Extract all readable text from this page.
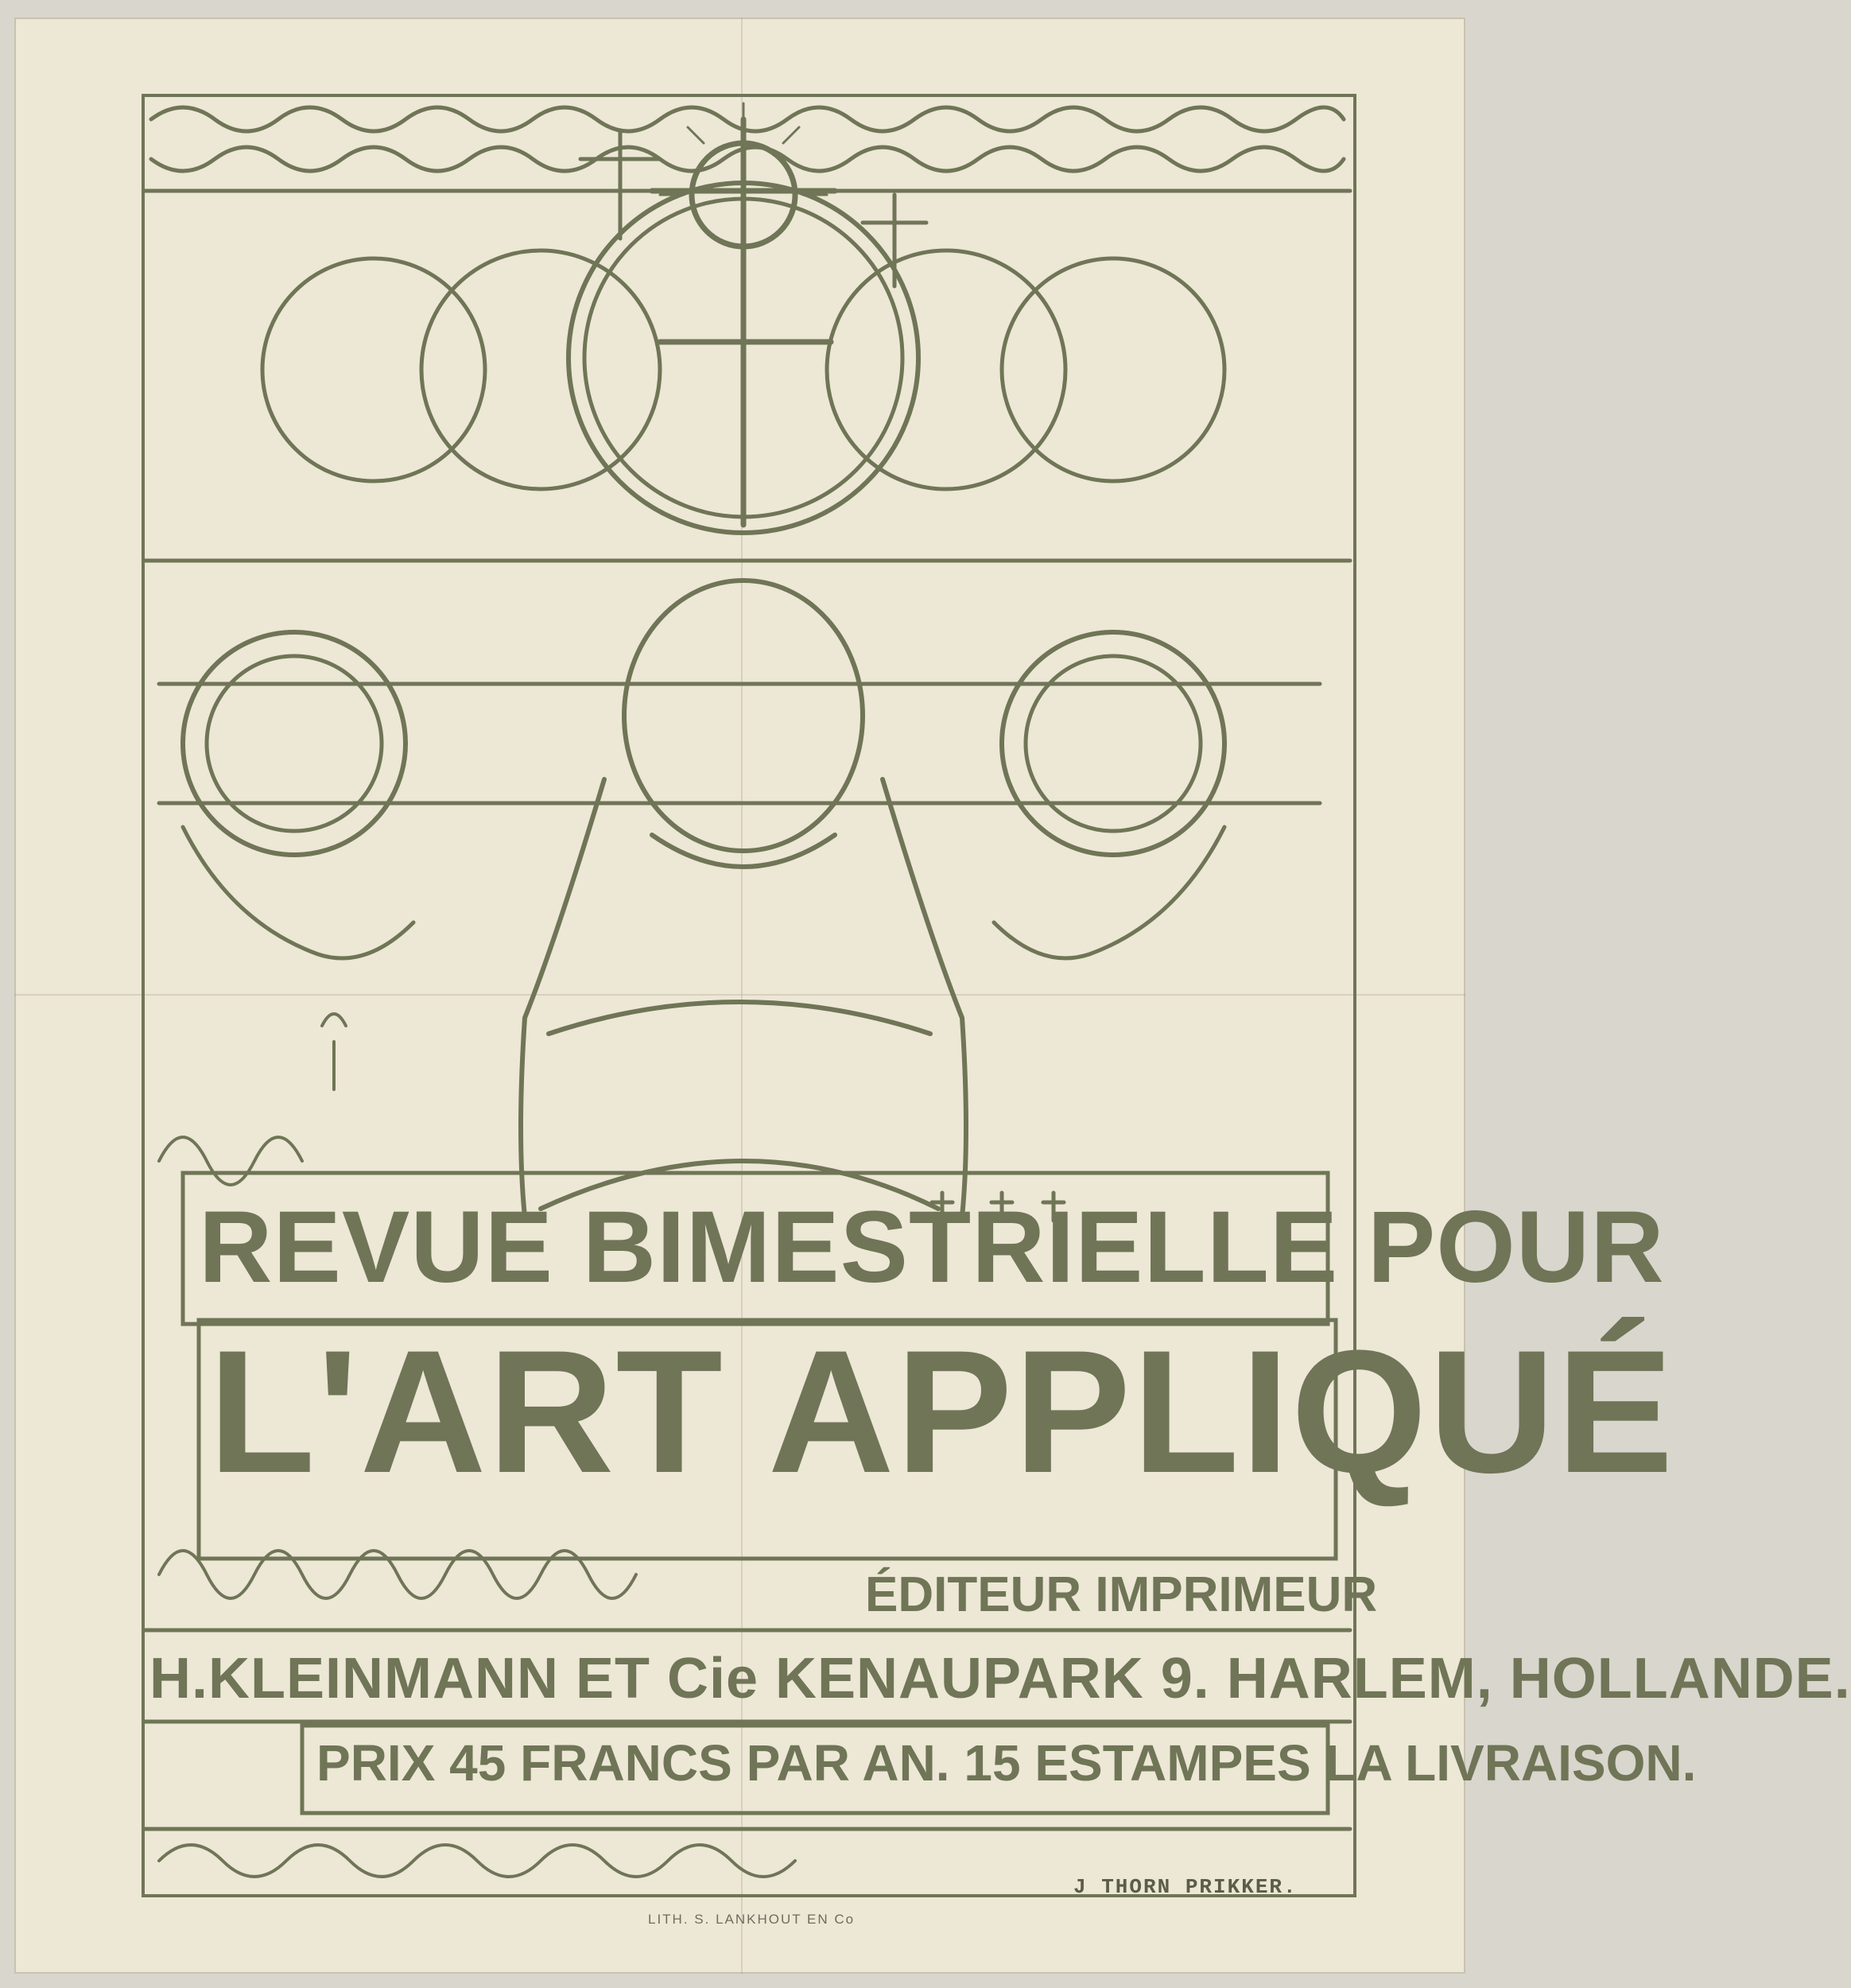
REVUE BIMESTRIELLE POUR
L'ART APPLIQUÉ
ÉDITEUR IMPRIMEUR
H.KLEINMANN ET Cie KENAUPARK 9. HARLEM, HOLLANDE.
PRIX 45 FRANCS PAR AN. 15 ESTAMPES LA LIVRAISON.
J THORN PRIKKER.
LITH. S. LANKHOUT EN Co
